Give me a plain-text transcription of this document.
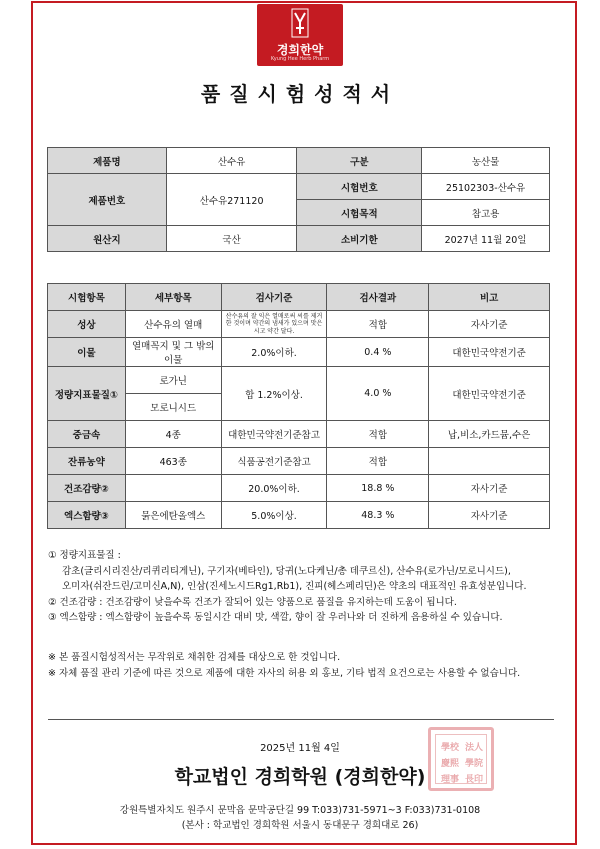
경희한약
Kyung Hee Herb Pharm
품질시험성적서
제품명	산수유	구분	농산물
제품번호	산수유271120	시험번호	25102303-산수유
		시험목적	참고용
원산지	국산	소비기한	2027년 11월 20일
시험항목	세부항목	검사기준	검사결과	비고
성상	산수유의 열매	산수유의 잘 익은 열매로써 씨를 제거한 것이며 약간의 냄새가 있으며 맛은 시고 약간 달다.	적합	자사기준
이물	열매꼭지 및 그 밖의 이물	2.0%이하.	0.4 %	대한민국약전기준
정량지표물질①	로가닌	합 1.2%이상.	4.0 %	대한민국약전기준
	모로니시드			
중금속	4종	대한민국약전기준참고	적합	납,비소,카드뮴,수은
잔류농약	463종	식품공전기준참고	적합	
건조감량②		20.0%이하.	18.8 %	자사기준
엑스함량③	묽은에탄올엑스	5.0%이상.	48.3 %	자사기준
① 정량지표물질 :
감초(글리시리진산/리퀴리티게닌), 구기자(베타인), 당귀(노다케닌/총 데쿠르신), 산수유(로가닌/모로니시드),
오미자(쉬잔드린/고미신A,N), 인삼(진세노시드Rg1,Rb1), 진피(헤스페리딘)은 약초의 대표적인 유효성분입니다.
② 건조감량 : 건조감량이 낮을수록 건조가 잘되어 있는 양품으로 품질을 유지하는데 도움이 됩니다.
③ 엑스함량 : 엑스함량이 높을수록 동일시간 대비 맛, 색깔, 향이 잘 우러나와 더 진하게 음용하실 수 있습니다.
※ 본 품질시험성적서는 무작위로 채취한 검체를 대상으로 한 것입니다.
※ 자체 품질 관리 기준에 따른 것으로 제품에 대한 자사의 허용 외 홍보, 기타 법적 요건으로는 사용할 수 없습니다.
2025년 11월 4일
학교법인 경희학원 (경희한약)
강원특별자치도 원주시 문막읍 문막공단길 99 T:033)731-5971~3 F:033)731-0108
(본사 : 학교법인 경희학원 서울시 동대문구 경희대로 26)
學校 法人
慶熙 學院
理事 長印
